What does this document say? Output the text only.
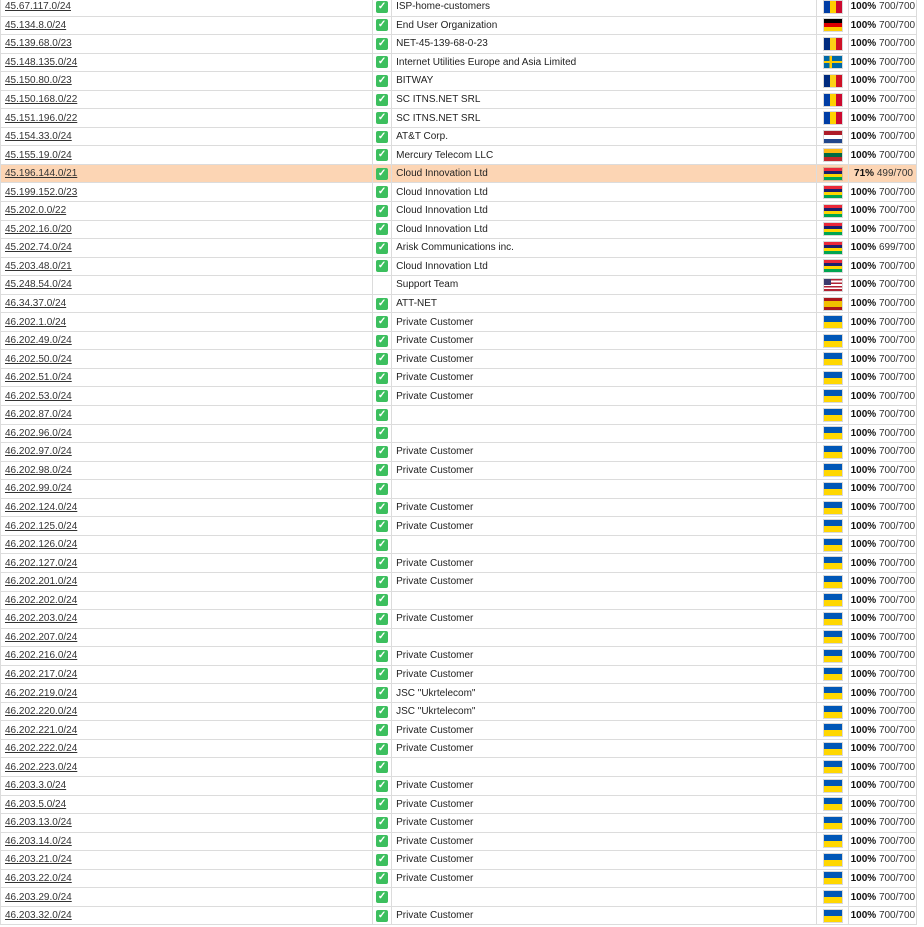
45.67.117.0/24	✓	ISP-home-customers		100% 700/700
45.134.8.0/24	✓	End User Organization		100% 700/700
45.139.68.0/23	✓	NET-45-139-68-0-23		100% 700/700
45.148.135.0/24	✓	Internet Utilities Europe and Asia Limited		100% 700/700
45.150.80.0/23	✓	BITWAY		100% 700/700
45.150.168.0/22	✓	SC ITNS.NET SRL		100% 700/700
45.151.196.0/22	✓	SC ITNS.NET SRL		100% 700/700
45.154.33.0/24	✓	AT&T Corp.		100% 700/700
45.155.19.0/24	✓	Mercury Telecom LLC		100% 700/700
45.196.144.0/21	✓	Cloud Innovation Ltd		71% 499/700
45.199.152.0/23	✓	Cloud Innovation Ltd		100% 700/700
45.202.0.0/22	✓	Cloud Innovation Ltd		100% 700/700
45.202.16.0/20	✓	Cloud Innovation Ltd		100% 700/700
45.202.74.0/24	✓	Arisk Communications inc.		100% 699/700
45.203.48.0/21	✓	Cloud Innovation Ltd		100% 700/700
45.248.54.0/24		Support Team		100% 700/700
46.34.37.0/24	✓	ATT-NET		100% 700/700
46.202.1.0/24	✓	Private Customer		100% 700/700
46.202.49.0/24	✓	Private Customer		100% 700/700
46.202.50.0/24	✓	Private Customer		100% 700/700
46.202.51.0/24	✓	Private Customer		100% 700/700
46.202.53.0/24	✓	Private Customer		100% 700/700
46.202.87.0/24	✓			100% 700/700
46.202.96.0/24	✓			100% 700/700
46.202.97.0/24	✓	Private Customer		100% 700/700
46.202.98.0/24	✓	Private Customer		100% 700/700
46.202.99.0/24	✓			100% 700/700
46.202.124.0/24	✓	Private Customer		100% 700/700
46.202.125.0/24	✓	Private Customer		100% 700/700
46.202.126.0/24	✓			100% 700/700
46.202.127.0/24	✓	Private Customer		100% 700/700
46.202.201.0/24	✓	Private Customer		100% 700/700
46.202.202.0/24	✓			100% 700/700
46.202.203.0/24	✓	Private Customer		100% 700/700
46.202.207.0/24	✓			100% 700/700
46.202.216.0/24	✓	Private Customer		100% 700/700
46.202.217.0/24	✓	Private Customer		100% 700/700
46.202.219.0/24	✓	JSC "Ukrtelecom"		100% 700/700
46.202.220.0/24	✓	JSC "Ukrtelecom"		100% 700/700
46.202.221.0/24	✓	Private Customer		100% 700/700
46.202.222.0/24	✓	Private Customer		100% 700/700
46.202.223.0/24	✓			100% 700/700
46.203.3.0/24	✓	Private Customer		100% 700/700
46.203.5.0/24	✓	Private Customer		100% 700/700
46.203.13.0/24	✓	Private Customer		100% 700/700
46.203.14.0/24	✓	Private Customer		100% 700/700
46.203.21.0/24	✓	Private Customer		100% 700/700
46.203.22.0/24	✓	Private Customer		100% 700/700
46.203.29.0/24	✓			100% 700/700
46.203.32.0/24	✓	Private Customer		100% 700/700
